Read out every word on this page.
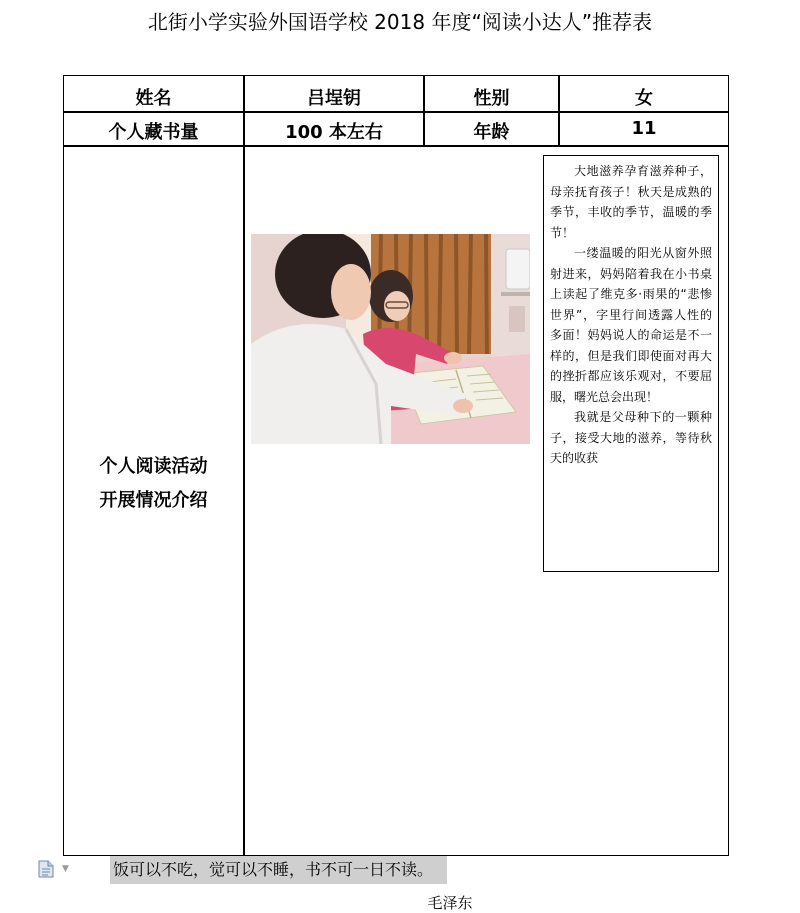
北街小学实验外国语学校 2018 年度“阅读小达人”推荐表
姓名	吕埕钥	性别	女
个人藏书量	100 本左右	年龄	11
个人阅读活动
开展情况介绍

大地滋养孕育滋养种子，母亲抚育孩子！秋天是成熟的季节，丰收的季节，温暖的季节！

一缕温暖的阳光从窗外照射进来，妈妈陪着我在小书桌上读起了维克多·雨果的“悲惨世界”，字里行间透露人性的多面！妈妈说人的命运是不一样的，但是我们即使面对再大的挫折都应该乐观对，不要屈服，曙光总会出现！

我就是父母种下的一颗种子，接受大地的滋养，等待秋天的收获

▼	饭可以不吃，觉可以不睡，书不可一日不读。
毛泽东
